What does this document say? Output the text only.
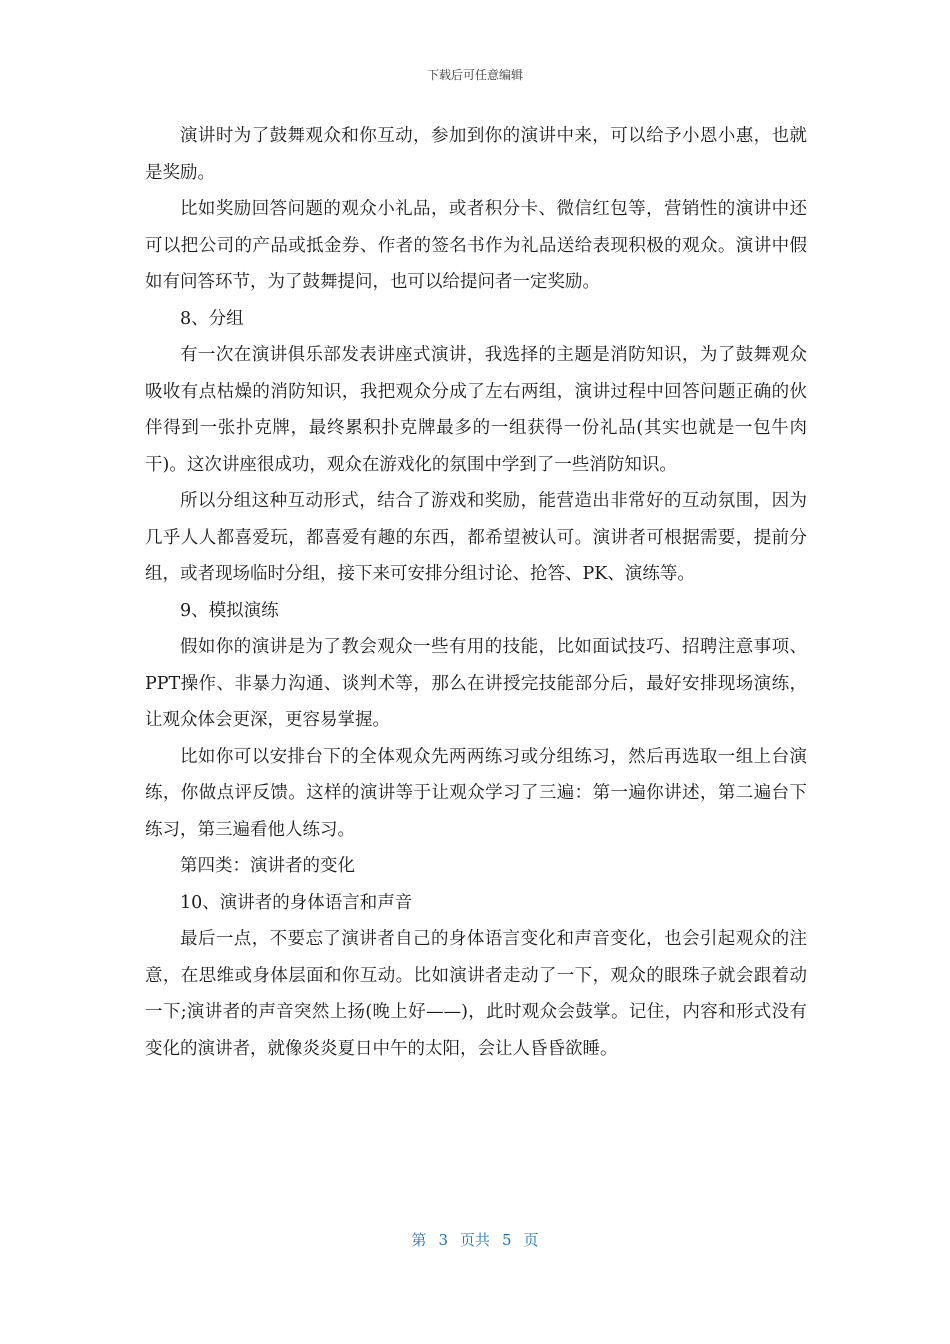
下载后可任意编辑

演讲时为了鼓舞观众和你互动，参加到你的演讲中来，可以给予小恩小惠，也就是奖励。

比如奖励回答问题的观众小礼品，或者积分卡、微信红包等，营销性的演讲中还可以把公司的产品或抵金券、作者的签名书作为礼品送给表现积极的观众。演讲中假如有问答环节，为了鼓舞提问，也可以给提问者一定奖励。

8、分组

有一次在演讲俱乐部发表讲座式演讲，我选择的主题是消防知识，为了鼓舞观众吸收有点枯燥的消防知识，我把观众分成了左右两组，演讲过程中回答问题正确的伙伴得到一张扑克牌，最终累积扑克牌最多的一组获得一份礼品(其实也就是一包牛肉干)。这次讲座很成功，观众在游戏化的氛围中学到了一些消防知识。

所以分组这种互动形式，结合了游戏和奖励，能营造出非常好的互动氛围，因为几乎人人都喜爱玩，都喜爱有趣的东西，都希望被认可。演讲者可根据需要，提前分组，或者现场临时分组，接下来可安排分组讨论、抢答、PK、演练等。

9、模拟演练

假如你的演讲是为了教会观众一些有用的技能，比如面试技巧、招聘注意事项、PPT操作、非暴力沟通、谈判术等，那么在讲授完技能部分后，最好安排现场演练，让观众体会更深，更容易掌握。

比如你可以安排台下的全体观众先两两练习或分组练习，然后再选取一组上台演练，你做点评反馈。这样的演讲等于让观众学习了三遍：第一遍你讲述，第二遍台下练习，第三遍看他人练习。

第四类：演讲者的变化

10、演讲者的身体语言和声音

最后一点，不要忘了演讲者自己的身体语言变化和声音变化，也会引起观众的注意，在思维或身体层面和你互动。比如演讲者走动了一下，观众的眼珠子就会跟着动一下;演讲者的声音突然上扬(晚上好——)，此时观众会鼓掌。记住，内容和形式没有变化的演讲者，就像炎炎夏日中午的太阳，会让人昏昏欲睡。

第 3 页共 5 页
